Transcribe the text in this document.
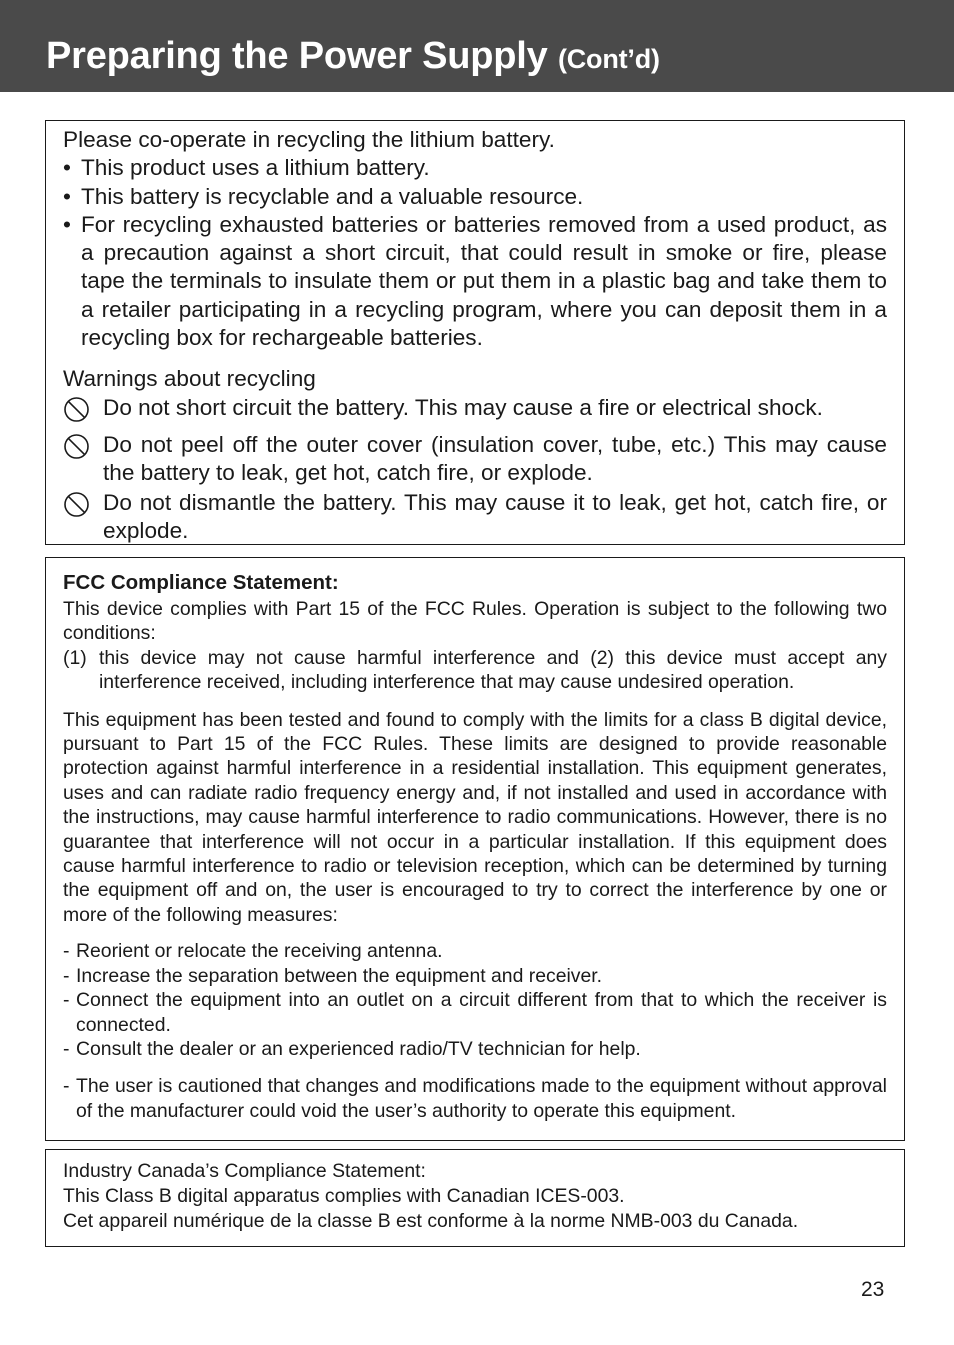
Preparing the Power Supply (Cont’d)

Please co-operate in recycling the lithium battery.

• This product uses a lithium battery.
• This battery is recyclable and a valuable resource.
• For recycling exhausted batteries or batteries removed from a used product, as a precaution against a short circuit, that could result in smoke or fire, please tape the terminals to insulate them or put them in a plastic bag and take them to a retailer participating in a recycling program, where you can deposit them in a recycling box for rechargeable batteries.

Warnings about recycling

Do not short circuit the battery. This may cause a fire or electrical shock.
Do not peel off the outer cover (insulation cover, tube, etc.) This may cause the battery to leak, get hot, catch fire, or explode.
Do not dismantle the battery. This may cause it to leak, get hot, catch fire, or explode.
FCC Compliance Statement:

This device complies with Part 15 of the FCC Rules. Operation is subject to the following two conditions:

(1) this device may not cause harmful interference and (2) this device must accept any interference received, including interference that may cause undesired operation.

This equipment has been tested and found to comply with the limits for a class B digital device, pursuant to Part 15 of the FCC Rules. These limits are designed to provide reasonable protection against harmful interference in a residential installation. This equipment generates, uses and can radiate radio frequency energy and, if not installed and used in accordance with the instructions, may cause harmful interference to radio communications. However, there is no guarantee that interference will not occur in a particular installation. If this equipment does cause harmful interference to radio or television reception, which can be determined by turning the equipment off and on, the user is encouraged to try to correct the interference by one or more of the following measures:

- Reorient or relocate the receiving antenna.
- Increase the separation between the equipment and receiver.
- Connect the equipment into an outlet on a circuit different from that to which the receiver is connected.
- Consult the dealer or an experienced radio/TV technician for help.
- The user is cautioned that changes and modifications made to the equipment without approval of the manufacturer could void the user’s authority to operate this equipment.

Industry Canada’s Compliance Statement:

This Class B digital apparatus complies with Canadian ICES-003.

Cet appareil numérique de la classe B est conforme à la norme NMB-003 du Canada.

23
